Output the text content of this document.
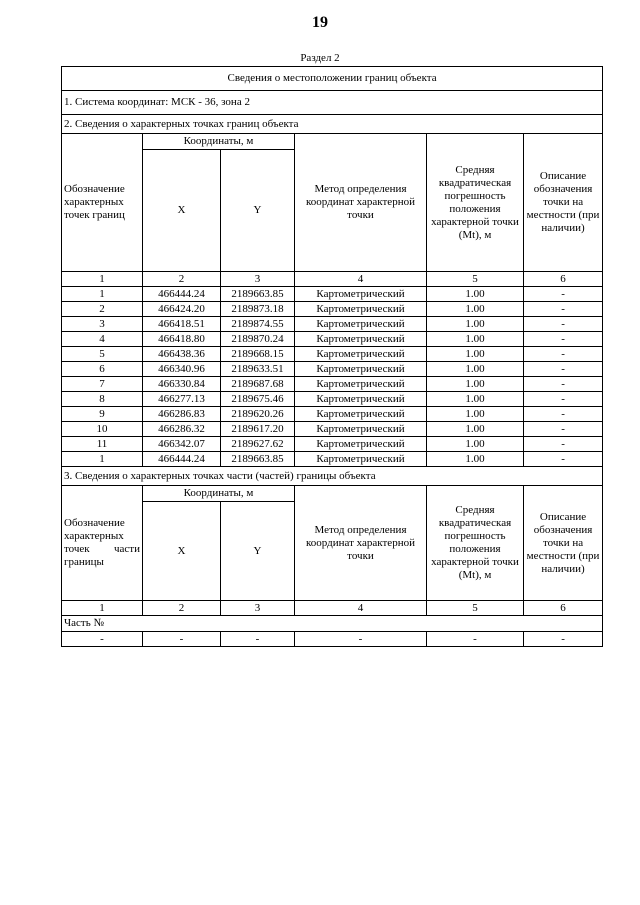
19
Раздел 2
Сведения о местоположении границ объекта					
1. Система координат: МСК - 36, зона 2					
2. Сведения о характерных точках границ объекта					
Обозначение характерных точек границ	Координаты, м		Метод определения координат характерной точки	Средняя квадратическая погрешность положения характерной точки (Mt), м	Описание обозначения точки на местности (при наличии)
	X	Y			
1	2	3	4	5	6
1	466444.24	2189663.85	Картометрический	1.00	-
2	466424.20	2189873.18	Картометрический	1.00	-
3	466418.51	2189874.55	Картометрический	1.00	-
4	466418.80	2189870.24	Картометрический	1.00	-
5	466438.36	2189668.15	Картометрический	1.00	-
6	466340.96	2189633.51	Картометрический	1.00	-
7	466330.84	2189687.68	Картометрический	1.00	-
8	466277.13	2189675.46	Картометрический	1.00	-
9	466286.83	2189620.26	Картометрический	1.00	-
10	466286.32	2189617.20	Картометрический	1.00	-
11	466342.07	2189627.62	Картометрический	1.00	-
1	466444.24	2189663.85	Картометрический	1.00	-
3. Сведения о характерных точках части (частей) границы объекта					
Обозначение характерных точек части границы	Координаты, м		Метод определения координат характерной точки	Средняя квадратическая погрешность положения характерной точки (Mt), м	Описание обозначения точки на местности (при наличии)
	X	Y			
1	2	3	4	5	6
Часть №					
-	-	-	-	-	-
